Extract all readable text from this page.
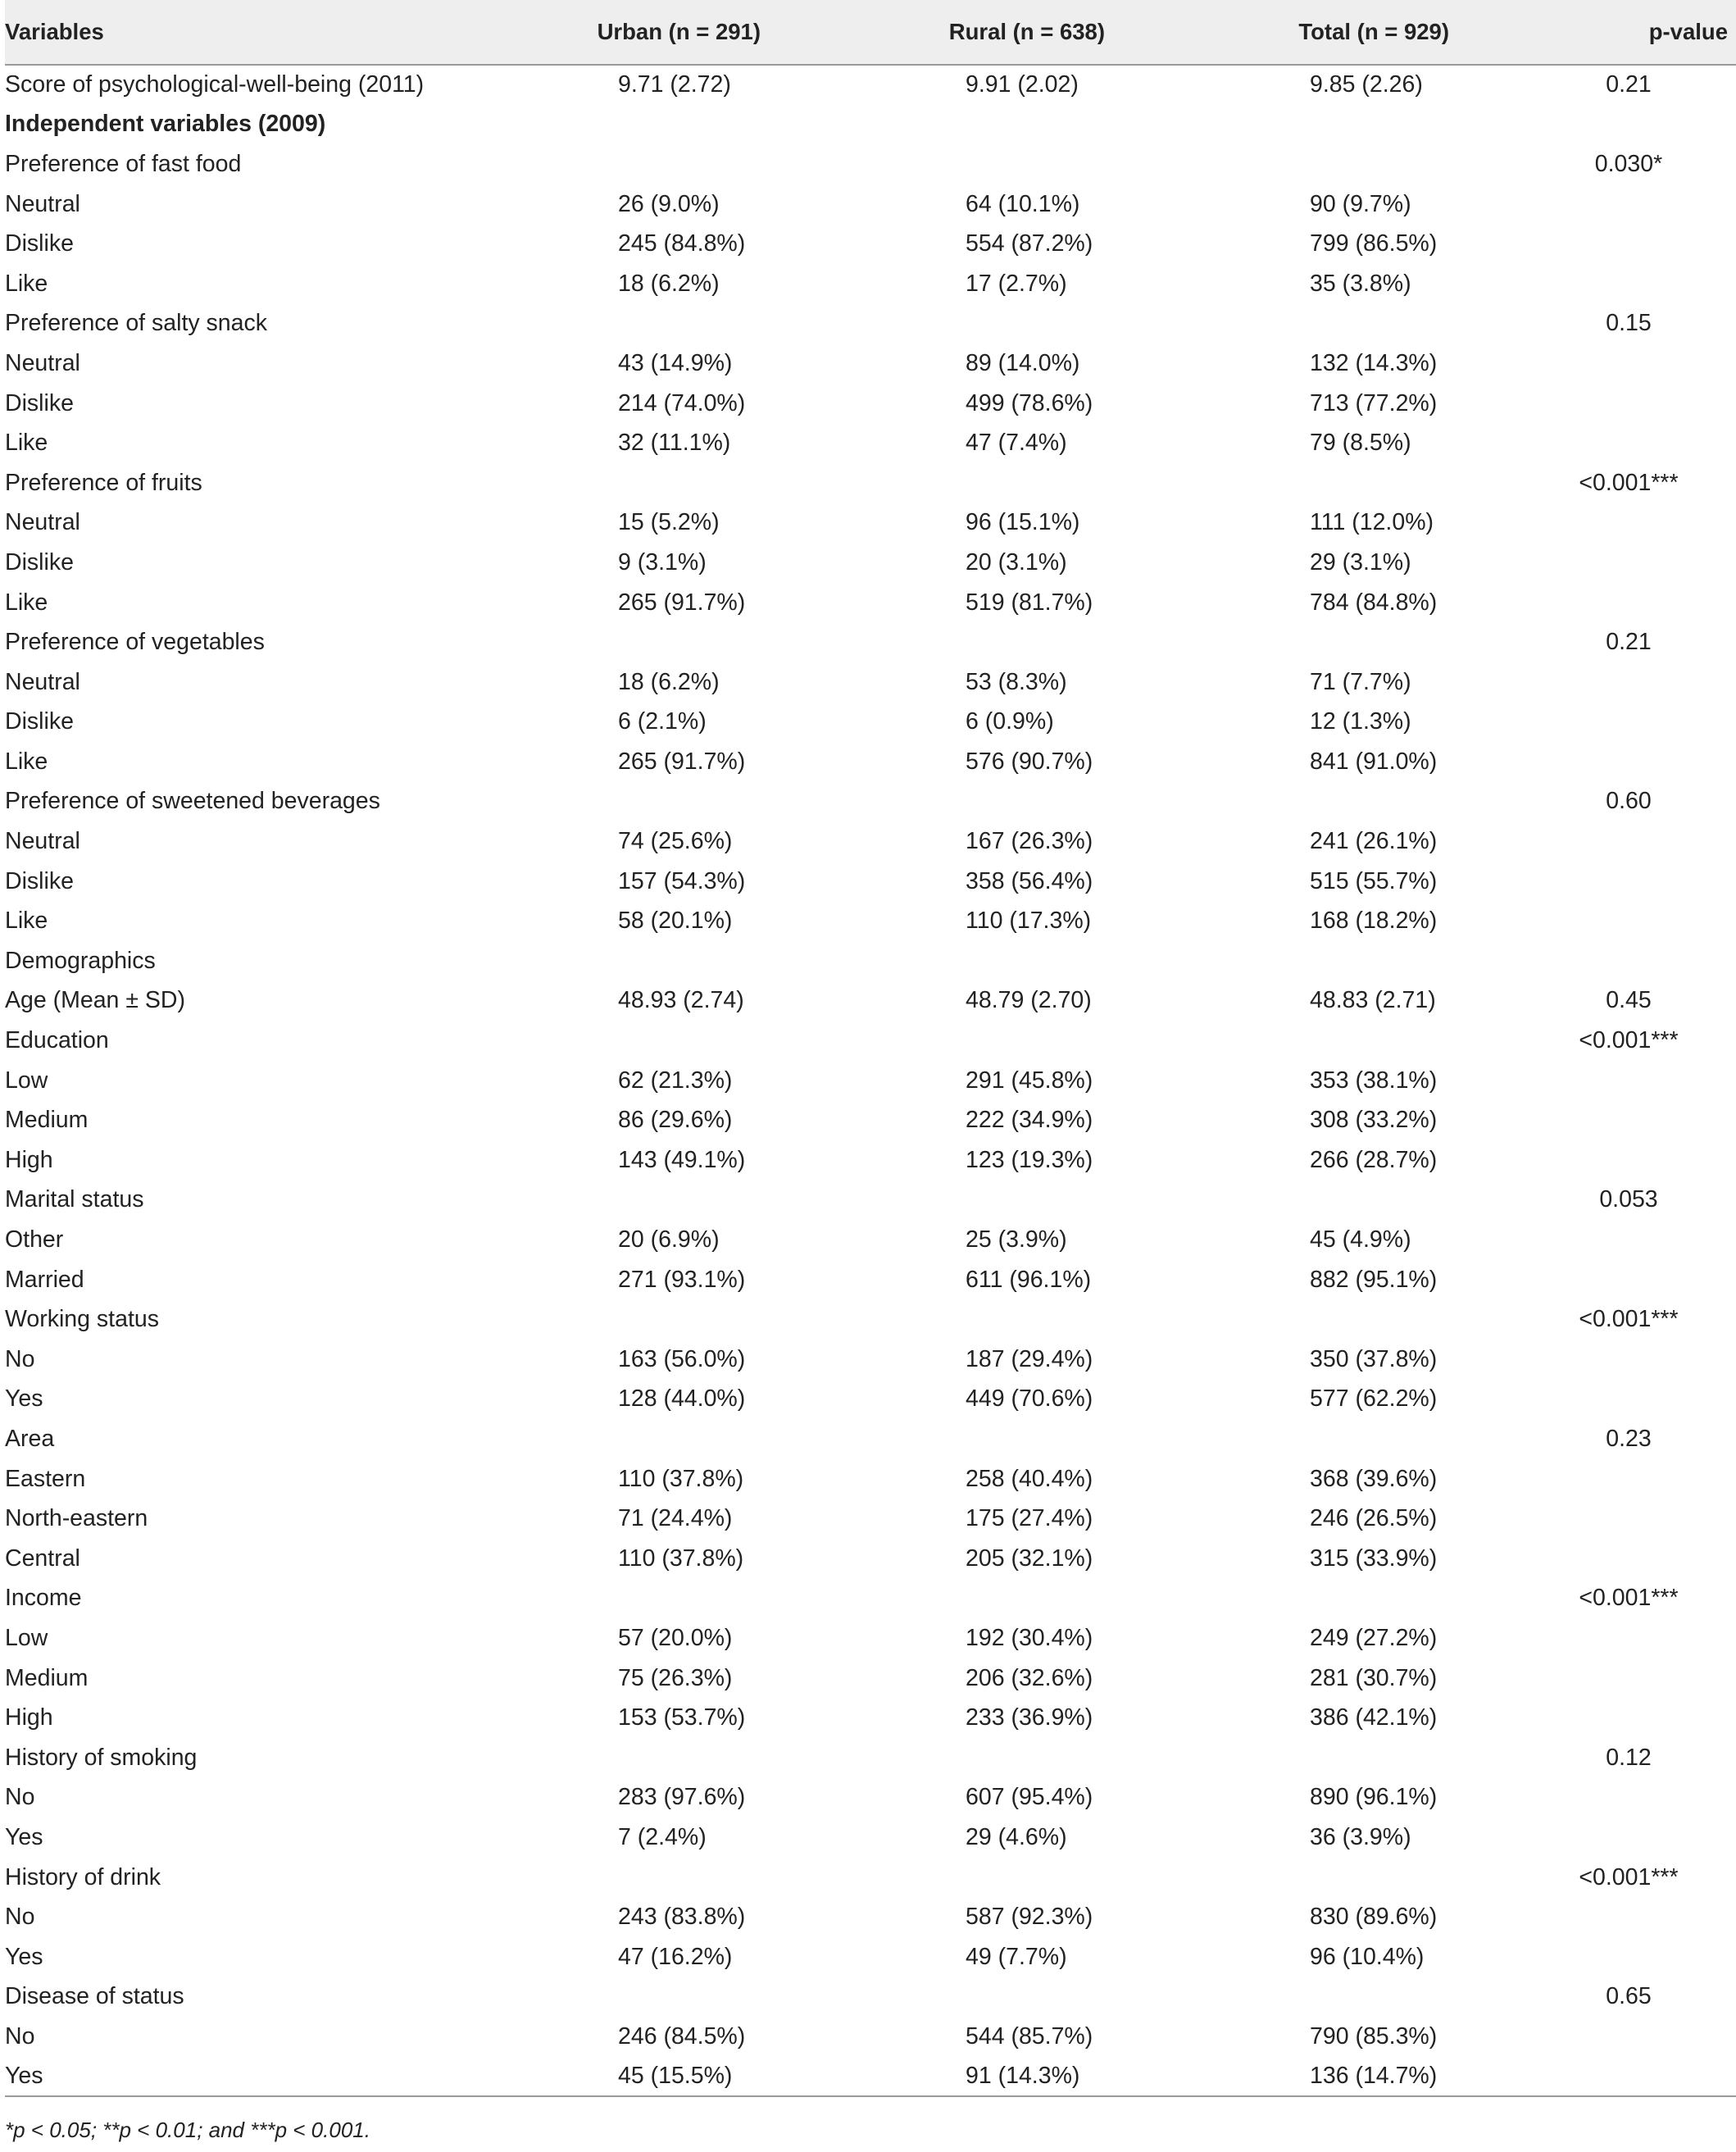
Variables	Urban (n = 291)	Rural (n = 638)	Total (n = 929)	p-value
Score of psychological-well-being (2011)	9.71 (2.72)	9.91 (2.02)	9.85 (2.26)	0.21
Independent variables (2009)				
Preference of fast food				0.030*
Neutral	26 (9.0%)	64 (10.1%)	90 (9.7%)	
Dislike	245 (84.8%)	554 (87.2%)	799 (86.5%)	
Like	18 (6.2%)	17 (2.7%)	35 (3.8%)	
Preference of salty snack				0.15
Neutral	43 (14.9%)	89 (14.0%)	132 (14.3%)	
Dislike	214 (74.0%)	499 (78.6%)	713 (77.2%)	
Like	32 (11.1%)	47 (7.4%)	79 (8.5%)	
Preference of fruits				<0.001***
Neutral	15 (5.2%)	96 (15.1%)	111 (12.0%)	
Dislike	9 (3.1%)	20 (3.1%)	29 (3.1%)	
Like	265 (91.7%)	519 (81.7%)	784 (84.8%)	
Preference of vegetables				0.21
Neutral	18 (6.2%)	53 (8.3%)	71 (7.7%)	
Dislike	6 (2.1%)	6 (0.9%)	12 (1.3%)	
Like	265 (91.7%)	576 (90.7%)	841 (91.0%)	
Preference of sweetened beverages				0.60
Neutral	74 (25.6%)	167 (26.3%)	241 (26.1%)	
Dislike	157 (54.3%)	358 (56.4%)	515 (55.7%)	
Like	58 (20.1%)	110 (17.3%)	168 (18.2%)	
Demographics				
Age (Mean ± SD)	48.93 (2.74)	48.79 (2.70)	48.83 (2.71)	0.45
Education				<0.001***
Low	62 (21.3%)	291 (45.8%)	353 (38.1%)	
Medium	86 (29.6%)	222 (34.9%)	308 (33.2%)	
High	143 (49.1%)	123 (19.3%)	266 (28.7%)	
Marital status				0.053
Other	20 (6.9%)	25 (3.9%)	45 (4.9%)	
Married	271 (93.1%)	611 (96.1%)	882 (95.1%)	
Working status				<0.001***
No	163 (56.0%)	187 (29.4%)	350 (37.8%)	
Yes	128 (44.0%)	449 (70.6%)	577 (62.2%)	
Area				0.23
Eastern	110 (37.8%)	258 (40.4%)	368 (39.6%)	
North-eastern	71 (24.4%)	175 (27.4%)	246 (26.5%)	
Central	110 (37.8%)	205 (32.1%)	315 (33.9%)	
Income				<0.001***
Low	57 (20.0%)	192 (30.4%)	249 (27.2%)	
Medium	75 (26.3%)	206 (32.6%)	281 (30.7%)	
High	153 (53.7%)	233 (36.9%)	386 (42.1%)	
History of smoking				0.12
No	283 (97.6%)	607 (95.4%)	890 (96.1%)	
Yes	7 (2.4%)	29 (4.6%)	36 (3.9%)	
History of drink				<0.001***
No	243 (83.8%)	587 (92.3%)	830 (89.6%)	
Yes	47 (16.2%)	49 (7.7%)	96 (10.4%)	
Disease of status				0.65
No	246 (84.5%)	544 (85.7%)	790 (85.3%)	
Yes	45 (15.5%)	91 (14.3%)	136 (14.7%)	
*p < 0.05; **p < 0.01; and ***p < 0.001.
